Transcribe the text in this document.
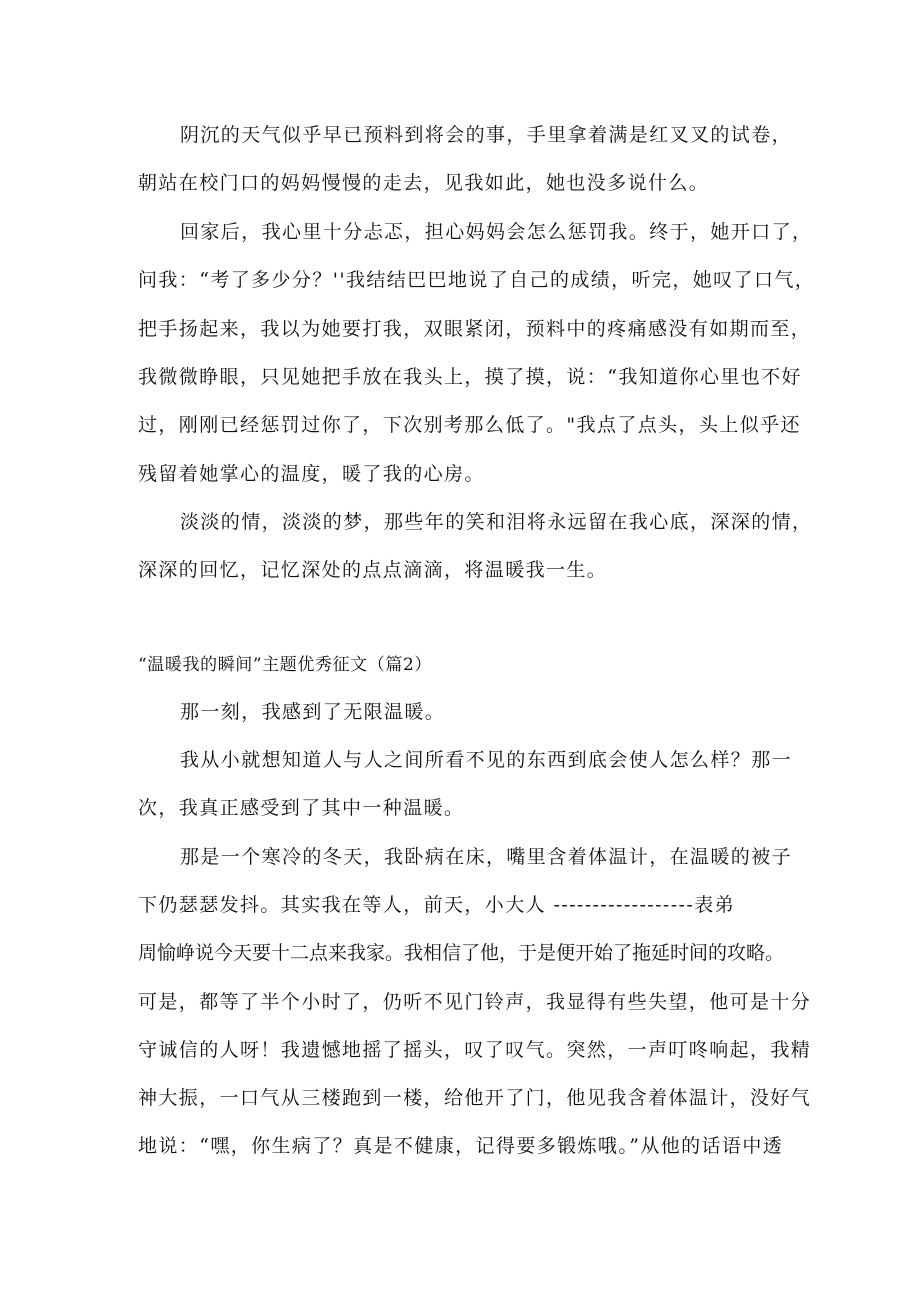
阴沉的天气似乎早已预料到将会的事，手里拿着满是红叉叉的试卷，
朝站在校门口的妈妈慢慢的走去，见我如此，她也没多说什么。
回家后，我心里十分忐忑，担心妈妈会怎么惩罚我。终于，她开口了，
问我：“考了多少分？''我结结巴巴地说了自己的成绩，听完，她叹了口气，
把手扬起来，我以为她要打我，双眼紧闭，预料中的疼痛感没有如期而至，
我微微睁眼，只见她把手放在我头上，摸了摸，说：“我知道你心里也不好
过，刚刚已经惩罚过你了，下次别考那么低了。"我点了点头，头上似乎还
残留着她掌心的温度，暖了我的心房。
淡淡的情，淡淡的梦，那些年的笑和泪将永远留在我心底，深深的情，
深深的回忆，记忆深处的点点滴滴，将温暖我一生。
“温暖我的瞬间”主题优秀征文（篇2）
那一刻，我感到了无限温暖。
我从小就想知道人与人之间所看不见的东西到底会使人怎么样？那一
次，我真正感受到了其中一种温暖。
那是一个寒冷的冬天，我卧病在床，嘴里含着体温计，在温暖的被子
下仍瑟瑟发抖。其实我在等人，前天，小大人 ------------------表弟
周愉峥说今天要十二点来我家。我相信了他，于是便开始了拖延时间的攻略。
可是，都等了半个小时了，仍听不见门铃声，我显得有些失望，他可是十分
守诚信的人呀！我遗憾地摇了摇头，叹了叹气。突然，一声叮咚响起，我精
神大振，一口气从三楼跑到一楼，给他开了门，他见我含着体温计，没好气
地说：“嘿，你生病了？真是不健康，记得要多锻炼哦。”从他的话语中透
